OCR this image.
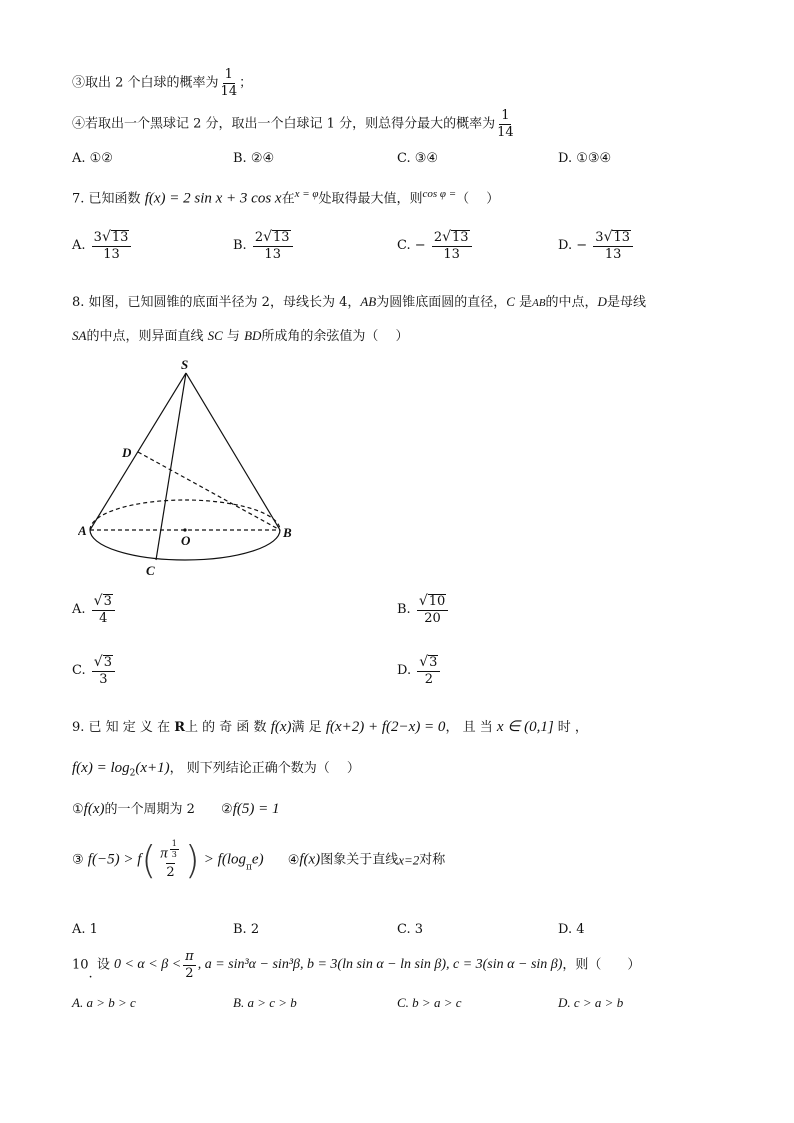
③取出 2 个白球的概率为 $\frac{1}{14}$ ；
④若取出一个黑球记 2 分，取出一个白球记 1 分，则总得分最大的概率为 $\frac{1}{14}$
A. ①②	B. ②④	C. ③④	D. ①③④
7. 已知函数 f(x) = 2 sin x + 3 cos x在$^{x = \varphi}$处取得最大值，则$^{cos \varphi =}$（　 ）
A. $\frac{3 √ 13}{13}$	B. $\frac{2 √ 13}{13}$	C. − $\frac{2 √ 13}{13}$	D. − $\frac{3 √ 13}{13}$
8. 如图，已知圆锥的底面半径为 2，母线长为 4，AB为圆锥底面圆的直径，C 是AB的中点，D是母线
SA的中点，则异面直线 SC 与 BD所成角的余弦值为（　 ）
S
D
A
O
B
C
A. $\frac{√ 3}{4}$	B. $\frac{√ 10}{20}$
C. $\frac{√ 3}{3}$	D. $\frac{√ 3}{2}$
9. 已 知 定 义 在 R上 的 奇 函 数 f(x)满 足 f(x+2) + f(2−x) = 0， 且 当 x ∈ (0,1] 时 ，
$f(x) = \log_2(x+1)$， 则下列结论正确个数为（　 ）
①f(x)的一个周期为 2 ②f(5) = 1
③ f(−5) > f( π $^{\frac{1}{3}}$
2 ) > $f(\log_\pi e)$ ④f(x)图象关于直线x=2对称
A. 1	B. 2	C. 3	D. 4
10. 设 $0 < \alpha < \beta < \frac{\pi}{2}$ , a = sin³α − sin³β, b = 3(ln sin α − ln sin β), c = 3(sin α − sin β)，则（　　）
A. a > b > c	B. a > c > b	C. b > a > c	D. c > a > b
